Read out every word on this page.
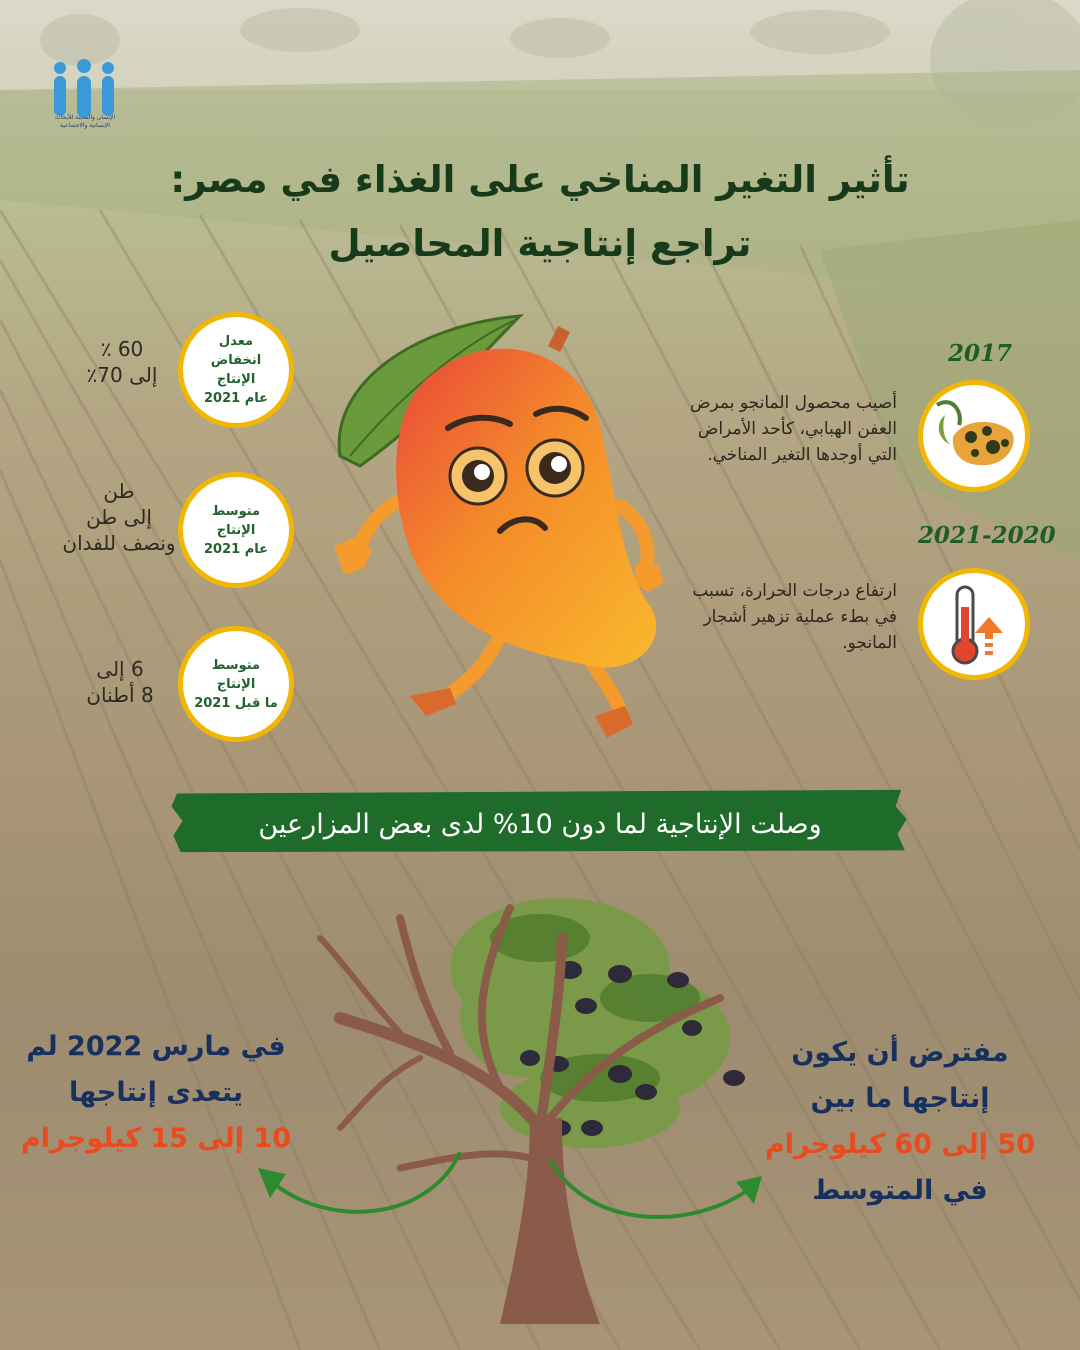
الإنسان والمدينة للأبحاث
الإنسانية والاجتماعية
تأثير التغير المناخي على الغذاء في مصر:
تراجع إنتاجية المحاصيل
معدل
انخفاض
الإنتاج
عام 2021
60 ٪
إلى 70٪
متوسط
الإنتاج
عام 2021
طن
إلى طن
ونصف للفدان
متوسط
الإنتاج
ما قبل 2021
6 إلى
8 أطنان
2017
أصيب محصول المانجو بمرض
العفن الهبابي، كأحد الأمراض
التي أوجدها التغير المناخي.
2021-2020
ارتفاع درجات الحرارة، تسبب
في بطء عملية تزهير أشجار
المانجو.
وصلت الإنتاجية لما دون 10% لدى بعض المزارعين
في مارس 2022 لم
يتعدى إنتاجها
10 إلى 15 كيلوجرام
مفترض أن يكون
إنتاجها ما بين
50 إلى 60 كيلوجرام
في المتوسط
